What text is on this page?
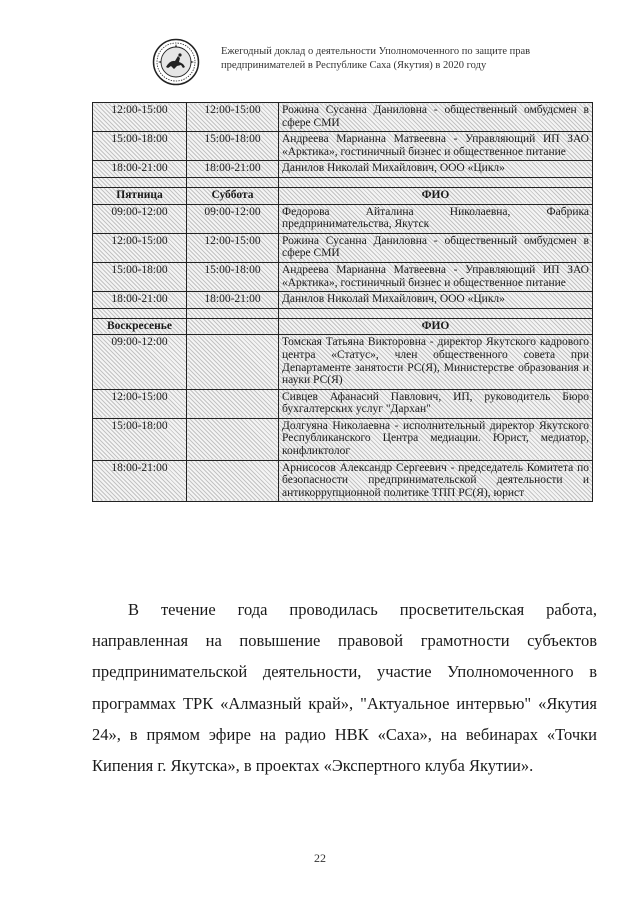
Ежегодный доклад о деятельности Уполномоченного по защите прав
предпринимателей в Республике Саха (Якутия) в 2020 году
12:00-15:00	12:00-15:00	Рожина Сусанна Даниловна - общественный омбудсмен в сфере СМИ
15:00-18:00	15:00-18:00	Андреева Марианна Матвеевна - Управляющий ИП ЗАО «Арктика», гостиничный бизнес и общественное питание
18:00-21:00	18:00-21:00	Данилов Николай Михайлович, ООО «Цикл»

Пятница	Суббота	ФИО
09:00-12:00	09:00-12:00	Федорова Айталина Николаевна, Фабрика предпринимательства, Якутск
12:00-15:00	12:00-15:00	Рожина Сусанна Даниловна - общественный омбудсмен в сфере СМИ
15:00-18:00	15:00-18:00	Андреева Марианна Матвеевна - Управляющий ИП ЗАО «Арктика», гостиничный бизнес и общественное питание
18:00-21:00	18:00-21:00	Данилов Николай Михайлович, ООО «Цикл»

Воскресенье		ФИО
09:00-12:00		Томская Татьяна Викторовна - директор Якутского кадрового центра «Статус», член общественного совета при Департаменте занятости РС(Я), Министерстве образования и науки РС(Я)
12:00-15:00		Сивцев Афанасий Павлович, ИП, руководитель Бюро бухгалтерских услуг "Дархан"
15:00-18:00		Долгуяна Николаевна - исполнительный директор Якутского Республиканского Центра медиации. Юрист, медиатор, конфликтолог
18:00-21:00		Арнисосов Александр Сергеевич - председатель Комитета по безопасности предпринимательской деятельности и антикоррупционной политике ТПП РС(Я), юрист

В течение года проводилась просветительская работа, направленная на повышение правовой грамотности субъектов предпринимательской деятельности, участие Уполномоченного в программах ТРК «Алмазный край», "Актуальное интервью" «Якутия 24», в прямом эфире на радио НВК «Саха», на вебинарах «Точки Кипения г. Якутска», в проектах «Экспертного клуба Якутии».

22
